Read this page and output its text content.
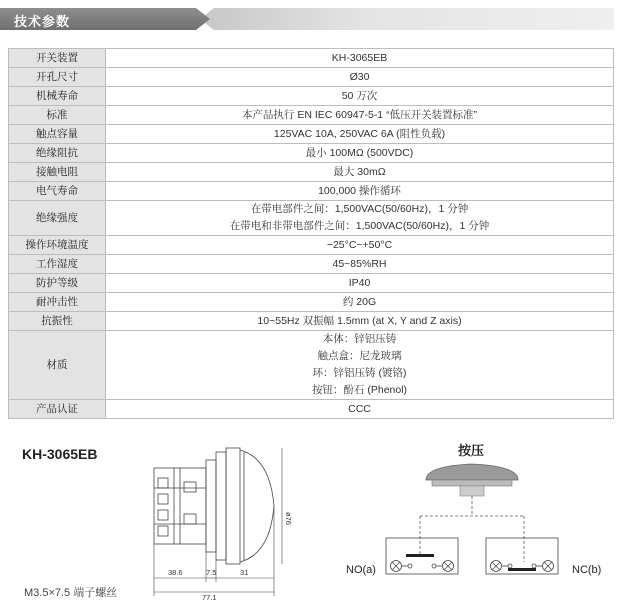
技术参数
开关装置	KH-3065EB

开孔尺寸	Ø30

机械寿命	50 万次

标准	本产品执行 EN IEC 60947-5-1 “低压开关装置标准”

触点容量	125VAC 10A, 250VAC 6A (阻性负载)

绝缘阻抗	最小 100MΩ (500VDC)

接触电阻	最大 30mΩ

电气寿命	100,000 操作循环

绝缘强度	在带电部件之间：1,500VAC(50/60Hz)，1 分钟
在带电和非带电部件之间：1,500VAC(50/60Hz)，1 分钟

操作环境温度	−25°C~+50°C

工作湿度	45~85%RH

防护等级	IP40

耐冲击性	约 20G

抗振性	10~55Hz 双振幅 1.5mm (at X, Y and Z axis)

材质	本体：锌铝压铸
触点盒：尼龙玻璃
环：锌铝压铸 (镀铬)
按钮：酚石 (Phenol)

产品认证	CCC
KH-3065EB
38.6	7.5	31
77.1
ø76
M3.5×7.5 端子螺丝
按压
NO(a)	NC(b)
